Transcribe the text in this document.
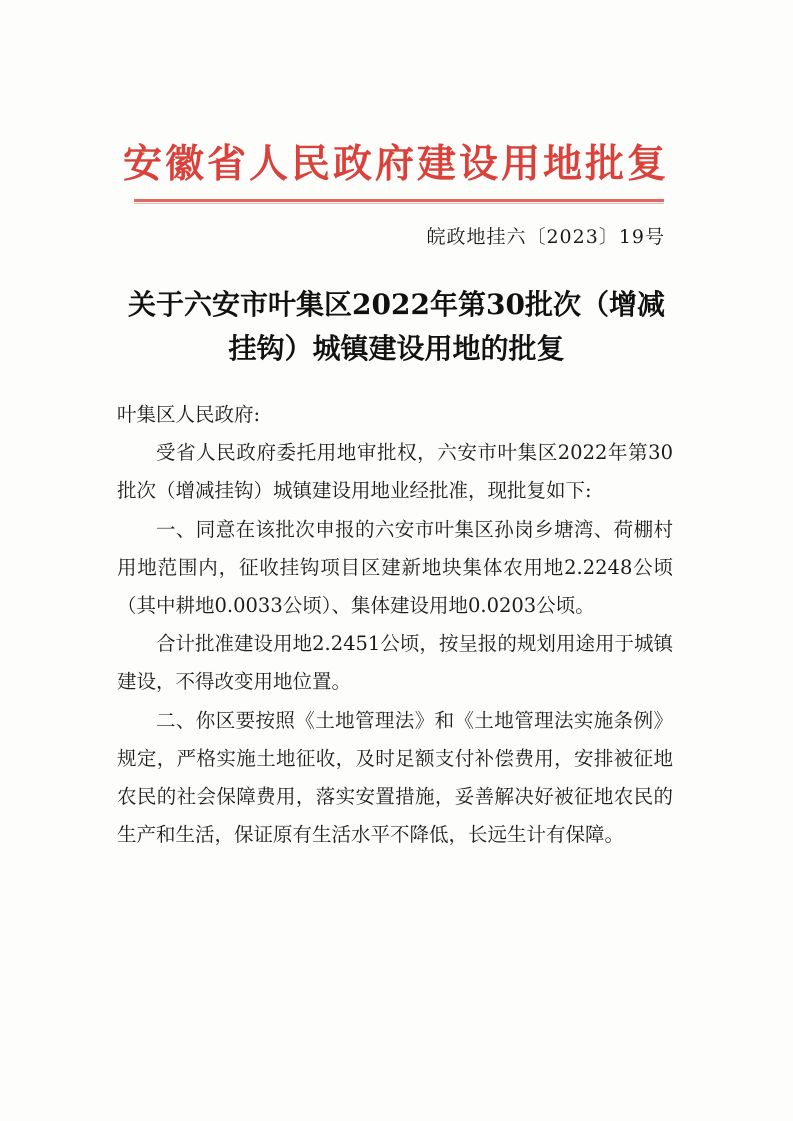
安徽省人民政府建设用地批复
皖政地挂六〔2023〕19号
关于六安市叶集区2022年第30批次（增减
挂钩）城镇建设用地的批复

叶集区人民政府:

受省人民政府委托用地审批权，六安市叶集区2022年第30批次（增减挂钩）城镇建设用地业经批准，现批复如下:

一、同意在该批次申报的六安市叶集区孙岗乡塘湾、荷棚村用地范围内，征收挂钩项目区建新地块集体农用地2.2248公顷（其中耕地0.0033公顷）、集体建设用地0.0203公顷。

合计批准建设用地2.2451公顷，按呈报的规划用途用于城镇建设，不得改变用地位置。

二、你区要按照《土地管理法》和《土地管理法实施条例》规定，严格实施土地征收，及时足额支付补偿费用，安排被征地农民的社会保障费用，落实安置措施，妥善解决好被征地农民的生产和生活，保证原有生活水平不降低，长远生计有保障。
